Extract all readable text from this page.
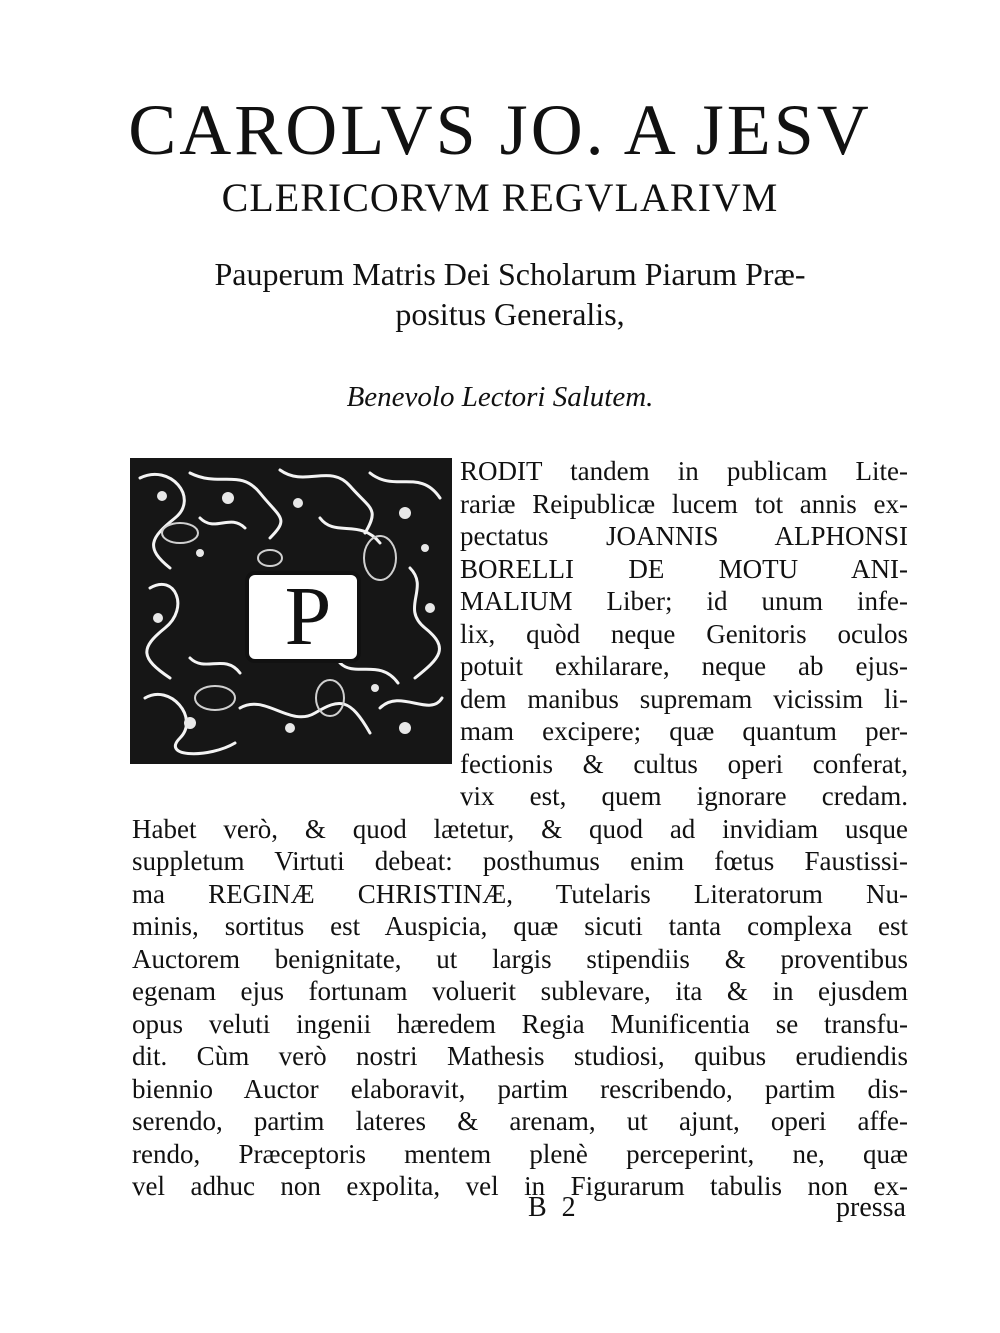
CAROLVS JO. A JESV
CLERICORVM REGVLARIVM
Pauperum Matris Dei Scholarum Piarum Præ-
positus Generalis,
Benevolo Lectori Salutem.
P
RODIT tandem in publicam Lite-
rariæ Reipublicæ lucem tot annis ex-
pectatus JOANNIS ALPHONSI
BORELLI DE MOTU ANI-
MALIUM Liber; id unum infe-
lix, quòd neque Genitoris oculos
potuit exhilarare, neque ab ejus-
dem manibus supremam vicissim li-
mam excipere; quæ quantum per-
fectionis & cultus operi conferat,
vix est, quem ignorare credam.
Habet verò, & quod lætetur, & quod ad invidiam usque
suppletum Virtuti debeat: posthumus enim fœtus Faustissi-
ma REGINÆ CHRISTINÆ, Tutelaris Literatorum Nu-
minis, sortitus est Auspicia, quæ sicuti tanta complexa est
Auctorem benignitate, ut largis stipendiis & proventibus
egenam ejus fortunam voluerit sublevare, ita & in ejusdem
opus veluti ingenii hæredem Regia Munificentia se transfu-
dit. Cùm verò nostri Mathesis studiosi, quibus erudiendis
biennio Auctor elaboravit, partim rescribendo, partim dis-
serendo, partim lateres & arenam, ut ajunt, operi affe-
rendo, Præceptoris mentem plenè perceperint, ne, quæ
vel adhuc non expolita, vel in Figurarum tabulis non ex-
B 2	pressa
